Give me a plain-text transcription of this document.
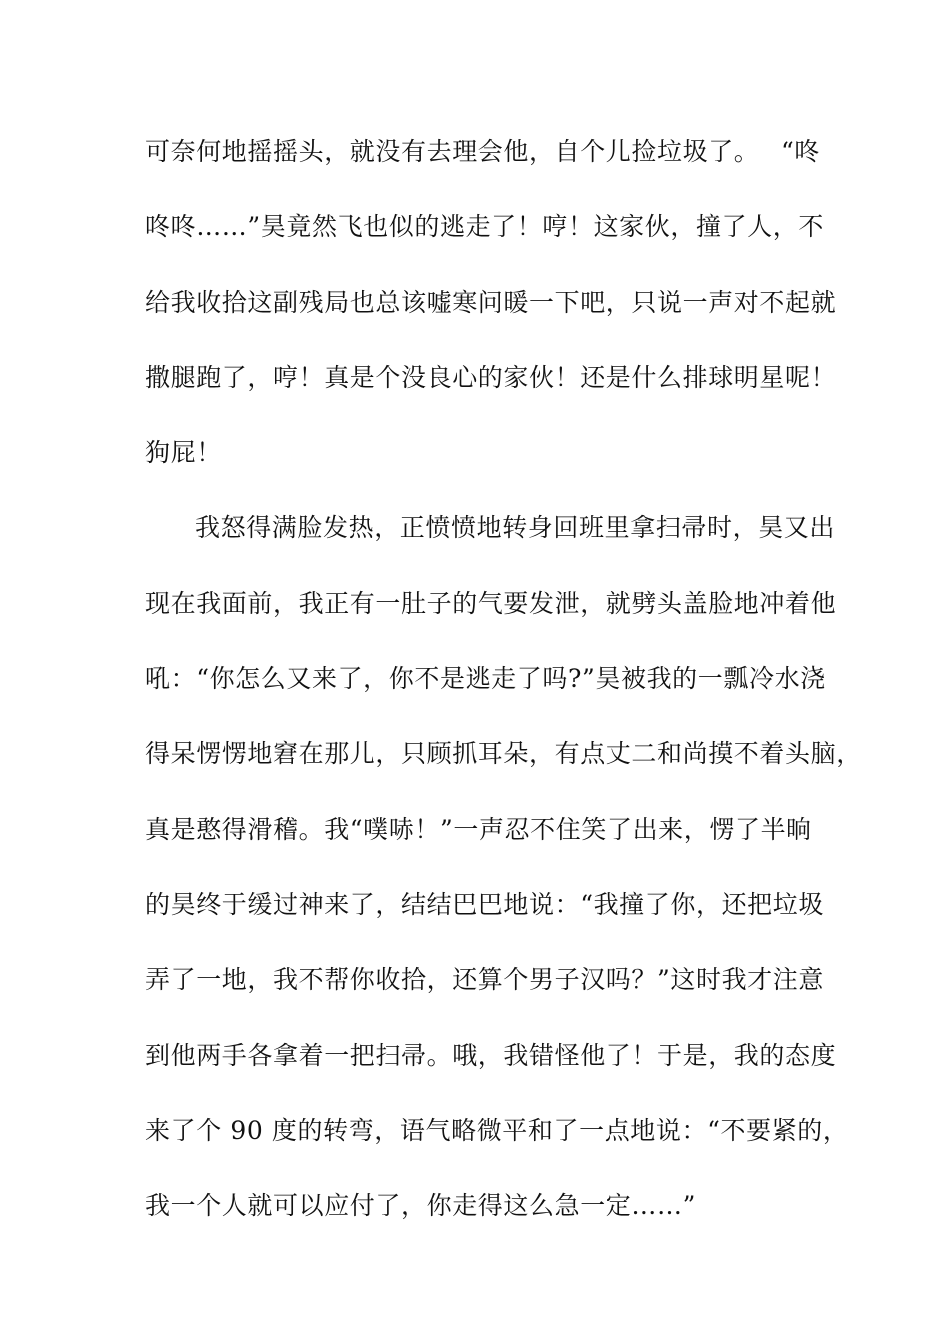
可奈何地摇摇头，就没有去理会他，自个儿捡垃圾了。　 “咚
咚咚……”昊竟然飞也似的逃走了！哼！这家伙，撞了人，不
给我收拾这副残局也总该嘘寒问暖一下吧，只说一声对不起就
撒腿跑了，哼！真是个没良心的家伙！还是什么排球明星呢！
狗屁！
我怒得满脸发热，正愤愤地转身回班里拿扫帚时，昊又出
现在我面前，我正有一肚子的气要发泄，就劈头盖脸地冲着他
吼：“你怎么又来了，你不是逃走了吗?”昊被我的一瓢冷水浇
得呆愣愣地窘在那儿，只顾抓耳朵，有点丈二和尚摸不着头脑，
真是憨得滑稽。我“噗哧！”一声忍不住笑了出来，愣了半晌
的昊终于缓过神来了，结结巴巴地说：“我撞了你，还把垃圾
弄了一地，我不帮你收拾，还算个男子汉吗？”这时我才注意
到他两手各拿着一把扫帚。哦，我错怪他了！于是，我的态度
来了个 90 度的转弯，语气略微平和了一点地说：“不要紧的，
我一个人就可以应付了，你走得这么急一定……”
